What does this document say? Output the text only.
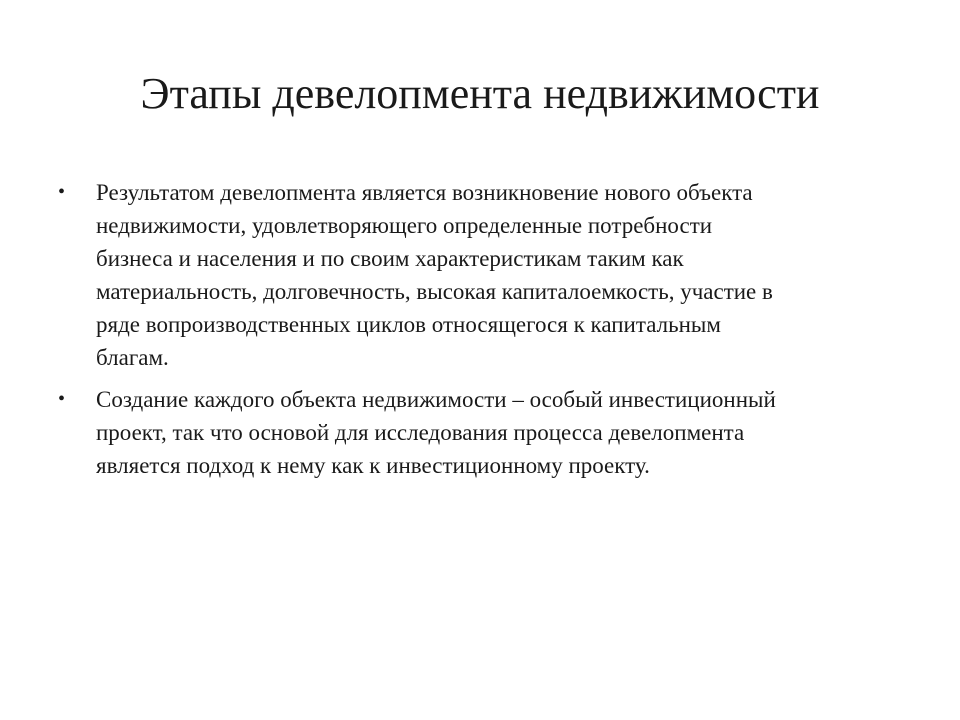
Этапы девелопмента недвижимости
•	Результатом девелопмента является возникновение нового объекта
недвижимости, удовлетворяющего определенные потребности
бизнеса и населения и по своим характеристикам таким как
материальность, долговечность, высокая капиталоемкость, участие в
ряде вопроизводственных циклов относящегося к капитальным
благам.
•	Создание каждого объекта недвижимости – особый инвестиционный
проект, так что основой для исследования процесса девелопмента
является подход к нему как к инвестиционному проекту.
